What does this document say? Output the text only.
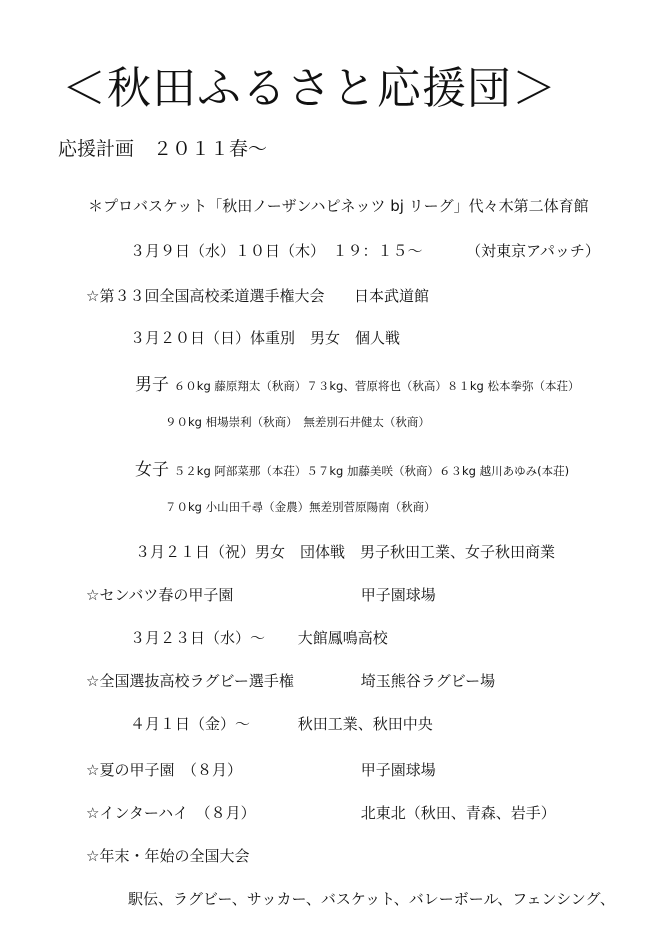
＜秋田ふるさと応援団＞
応援計画　２０１１春～
＊プロバスケット「秋田ノーザンハピネッツ bj リーグ」代々木第二体育館
３月９日（水）１０日（木）　１９：１５～	（対東京アパッチ）
☆第３３回全国高校柔道選手権大会 日本武道館
３月２０日（日）体重別　男女　個人戦
男子 ６０kg 藤原翔太（秋商）７３kg、菅原将也（秋高）８１kg 松本拳弥（本荘）
９０kg 相場崇利（秋商）　無差別石井健太（秋商）
女子 ５２kg 阿部菜那（本荘）５７kg 加藤美咲（秋商）６３kg 越川あゆみ(本荘)
７０kg 小山田千尋（金農）無差別菅原陽南（秋商）
３月２１日（祝）男女　団体戦　男子秋田工業、女子秋田商業
☆センバツ春の甲子園	甲子園球場
３月２３日（水）～ 大館鳳鳴高校
☆全国選抜高校ラグビー選手権	埼玉熊谷ラグビー場
４月１日（金）～	秋田工業、秋田中央
☆夏の甲子園　（８月）	甲子園球場
☆インターハイ　（８月）	北東北（秋田、青森、岩手）
☆年末・年始の全国大会
駅伝、ラグビー、サッカー、バスケット、バレーボール、フェンシング、
